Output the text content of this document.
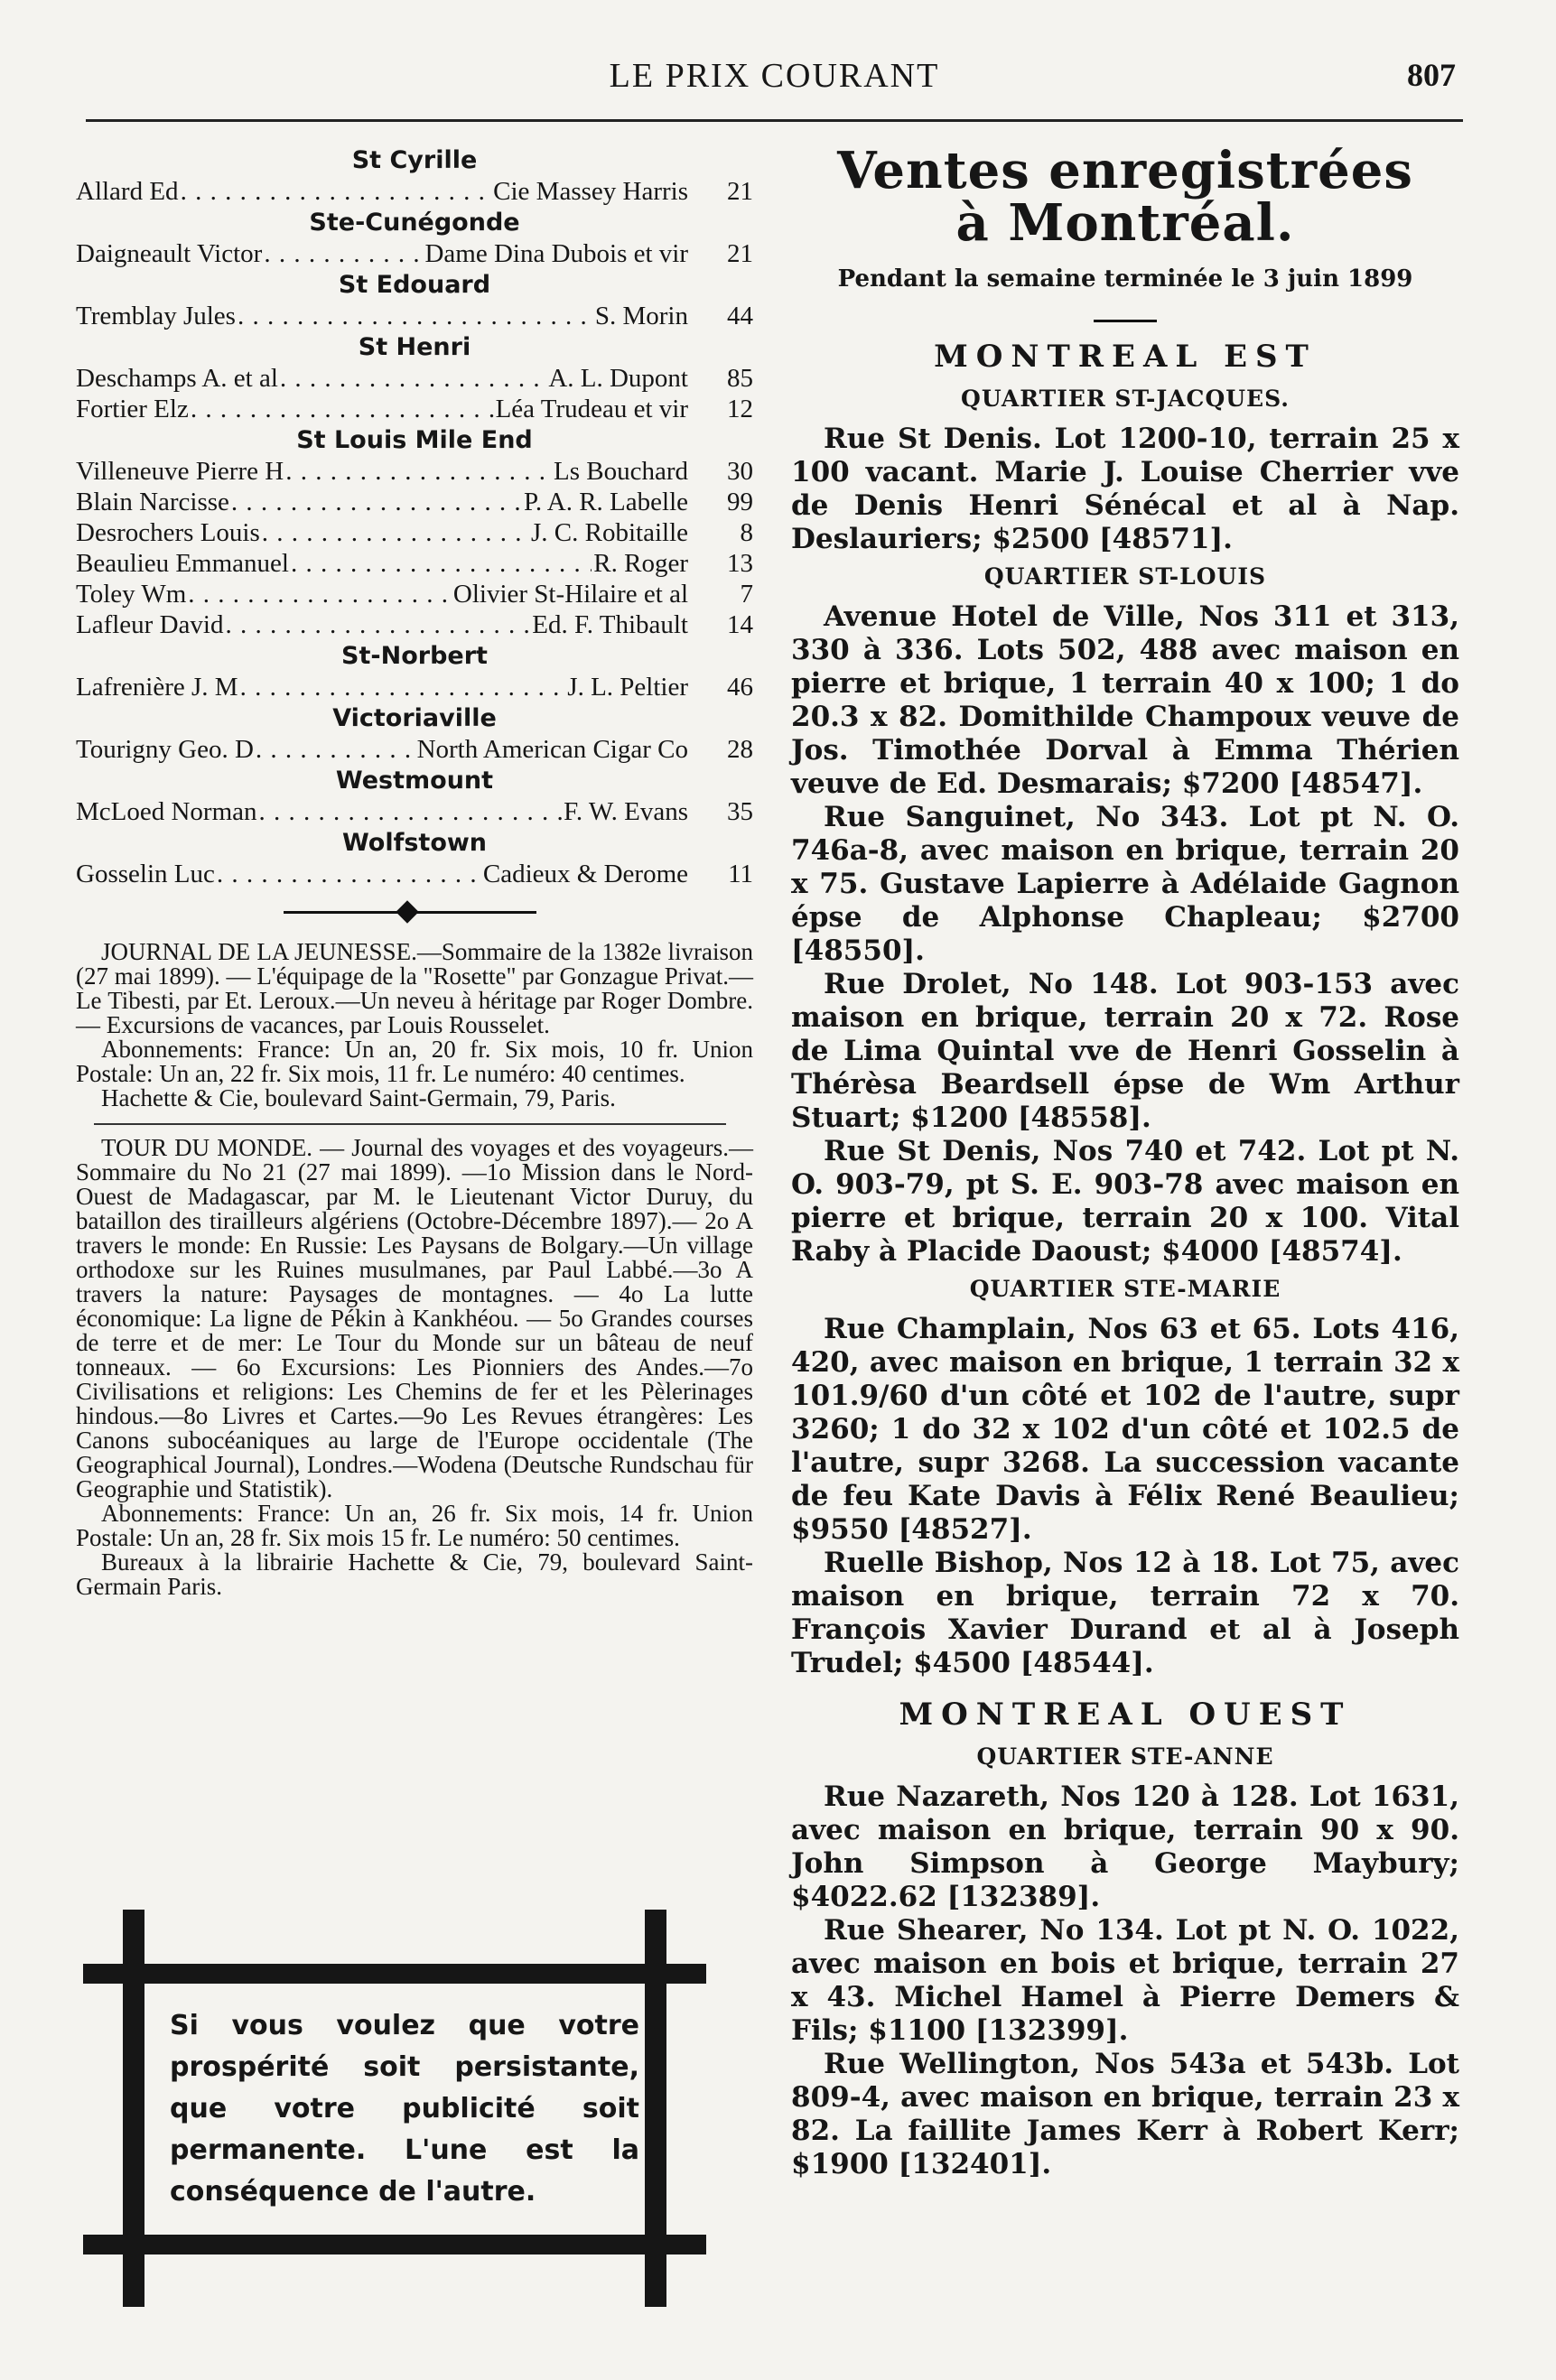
LE PRIX COURANT	807
St Cyrille
Allard Ed . . .	Cie Massey Harris	21
Ste-Cunégonde
Daigneault Victor . . .	Dame Dina Dubois et vir	21
St Edouard
Tremblay Jules . . .	S. Morin	44
St Henri
Deschamps A. et al . . .	A. L. Dupont	85
Fortier Elz . . .	Léa Trudeau et vir	12
St Louis Mile End
Villeneuve Pierre H . . .	Ls Bouchard	30
Blain Narcisse . . .	P. A. R. Labelle	99
Desrochers Louis . . .	J. C. Robitaille	8
Beaulieu Emmanuel . . .	R. Roger	13
Toley Wm . . .	Olivier St-Hilaire et al	7
Lafleur David . . .	Ed. F. Thibault	14
St-Norbert
Lafrenière J. M . . .	J. L. Peltier	46
Victoriaville
Tourigny Geo. D . . .	North American Cigar Co	28
Westmount
McLoed Norman . . .	F. W. Evans	35
Wolfstown
Gosselin Luc . . .	Cadieux & Derome	11

JOURNAL DE LA JEUNESSE.—Sommaire de la 1382e livraison (27 mai 1899). — L'équipage de la "Rosette" par Gonzague Privat.—Le Tibesti, par Et. Leroux.—Un neveu à héritage par Roger Dombre. — Excursions de vacances, par Louis Rousselet.

Abonnements: France: Un an, 20 fr. Six mois, 10 fr. Union Postale: Un an, 22 fr. Six mois, 11 fr. Le numéro: 40 centimes.

Hachette & Cie, boulevard Saint-Germain, 79, Paris.

TOUR DU MONDE. — Journal des voyages et des voyageurs.—Sommaire du No 21 (27 mai 1899). —1o Mission dans le Nord-Ouest de Madagascar, par M. le Lieutenant Victor Duruy, du bataillon des tirailleurs algériens (Octobre-Décembre 1897).— 2o A travers le monde: En Russie: Les Paysans de Bolgary.—Un village orthodoxe sur les Ruines musulmanes, par Paul Labbé.—3o A travers la nature: Paysages de montagnes. — 4o La lutte économique: La ligne de Pékin à Kankhéou. — 5o Grandes courses de terre et de mer: Le Tour du Monde sur un bâteau de neuf tonneaux. — 6o Excursions: Les Pionniers des Andes.—7o Civilisations et religions: Les Chemins de fer et les Pèlerinages hindous.—8o Livres et Cartes.—9o Les Revues étrangères: Les Canons subocéaniques au large de l'Europe occidentale (The Geographical Journal), Londres.—Wodena (Deutsche Rundschau für Geographie und Statistik).

Abonnements: France: Un an, 26 fr. Six mois, 14 fr. Union Postale: Un an, 28 fr. Six mois 15 fr. Le numéro: 50 centimes.

Bureaux à la librairie Hachette & Cie, 79, boulevard Saint-Germain Paris.

Si vous voulez que votre prospérité soit persistante, que votre publicité soit permanente. L'une est la conséquence de l'autre.
Ventes enregistrées
à Montréal.
Pendant la semaine terminée le 3 juin 1899
MONTREAL EST
QUARTIER ST-JACQUES.

Rue St Denis. Lot 1200-10, terrain 25 x 100 vacant. Marie J. Louise Cherrier vve de Denis Henri Sénécal et al à Nap. Deslauriers; $2500 [48571].

QUARTIER ST-LOUIS

Avenue Hotel de Ville, Nos 311 et 313, 330 à 336. Lots 502, 488 avec maison en pierre et brique, 1 terrain 40 x 100; 1 do 20.3 x 82. Domithilde Champoux veuve de Jos. Timothée Dorval à Emma Thérien veuve de Ed. Desmarais; $7200 [48547].

Rue Sanguinet, No 343. Lot pt N. O. 746a-8, avec maison en brique, terrain 20 x 75. Gustave Lapierre à Adélaide Gagnon épse de Alphonse Chapleau; $2700 [48550].

Rue Drolet, No 148. Lot 903-153 avec maison en brique, terrain 20 x 72. Rose de Lima Quintal vve de Henri Gosselin à Thérèsa Beardsell épse de Wm Arthur Stuart; $1200 [48558].

Rue St Denis, Nos 740 et 742. Lot pt N. O. 903-79, pt S. E. 903-78 avec maison en pierre et brique, terrain 20 x 100. Vital Raby à Placide Daoust; $4000 [48574].

QUARTIER STE-MARIE

Rue Champlain, Nos 63 et 65. Lots 416, 420, avec maison en brique, 1 terrain 32 x 101.9/60 d'un côté et 102 de l'autre, supr 3260; 1 do 32 x 102 d'un côté et 102.5 de l'autre, supr 3268. La succession vacante de feu Kate Davis à Félix René Beaulieu; $9550 [48527].

Ruelle Bishop, Nos 12 à 18. Lot 75, avec maison en brique, terrain 72 x 70. François Xavier Durand et al à Joseph Trudel; $4500 [48544].

MONTREAL OUEST
QUARTIER STE-ANNE

Rue Nazareth, Nos 120 à 128. Lot 1631, avec maison en brique, terrain 90 x 90. John Simpson à George Maybury; $4022.62 [132389].

Rue Shearer, No 134. Lot pt N. O. 1022, avec maison en bois et brique, terrain 27 x 43. Michel Hamel à Pierre Demers & Fils; $1100 [132399].

Rue Wellington, Nos 543a et 543b. Lot 809-4, avec maison en brique, terrain 23 x 82. La faillite James Kerr à Robert Kerr; $1900 [132401].
